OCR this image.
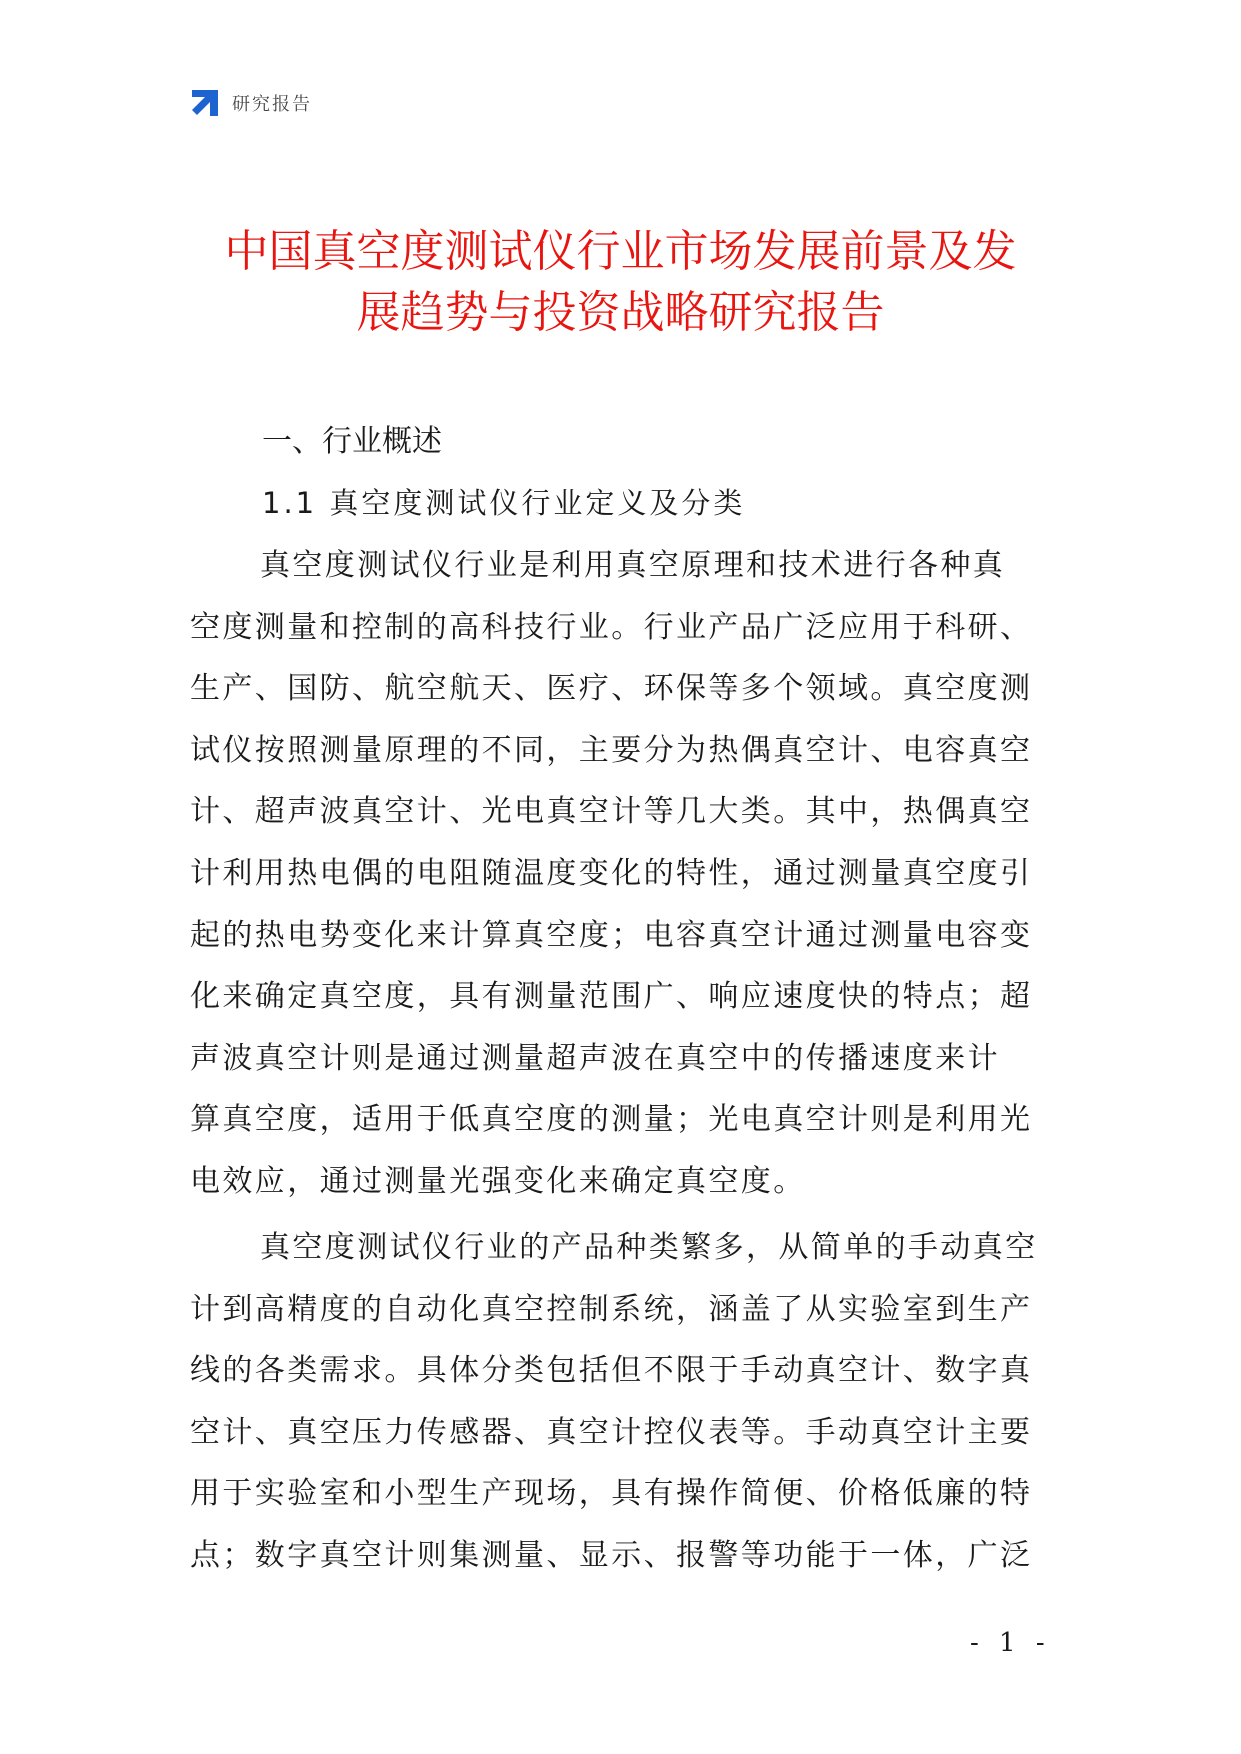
研究报告
中国真空度测试仪行业市场发展前景及发
展趋势与投资战略研究报告
一、行业概述
1.1 真空度测试仪行业定义及分类
真空度测试仪行业是利用真空原理和技术进行各种真
空度测量和控制的高科技行业。行业产品广泛应用于科研、
生产、国防、航空航天、医疗、环保等多个领域。真空度测
试仪按照测量原理的不同，主要分为热偶真空计、电容真空
计、超声波真空计、光电真空计等几大类。其中，热偶真空
计利用热电偶的电阻随温度变化的特性，通过测量真空度引
起的热电势变化来计算真空度；电容真空计通过测量电容变
化来确定真空度，具有测量范围广、响应速度快的特点；超
声波真空计则是通过测量超声波在真空中的传播速度来计
算真空度，适用于低真空度的测量；光电真空计则是利用光
电效应，通过测量光强变化来确定真空度。
真空度测试仪行业的产品种类繁多，从简单的手动真空
计到高精度的自动化真空控制系统，涵盖了从实验室到生产
线的各类需求。具体分类包括但不限于手动真空计、数字真
空计、真空压力传感器、真空计控仪表等。手动真空计主要
用于实验室和小型生产现场，具有操作简便、价格低廉的特
点；数字真空计则集测量、显示、报警等功能于一体，广泛
- 1 -
